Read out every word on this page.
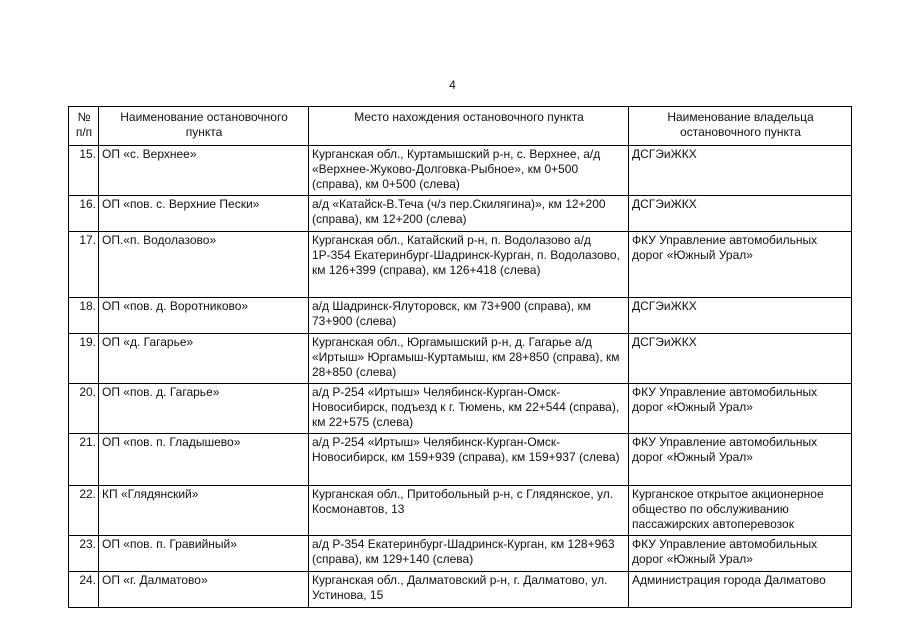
4
№ п/п	Наименование остановочного пункта	Место нахождения остановочного пункта	Наименование владельца остановочного пункта
15.	ОП «с. Верхнее»	Курганская обл., Куртамышский р-н, с. Верхнее, а/д «Верхнее-Жуково-Долговка-Рыбное», км 0+500 (справа), км 0+500 (слева)	ДСГЭиЖКХ
16.	ОП «пов. с. Верхние Пески»	а/д «Катайск-В.Теча (ч/з пер.Скилягина)», км 12+200 (справа), км 12+200 (слева)	ДСГЭиЖКХ
17.	ОП.«п. Водолазово»	Курганская обл., Катайский р-н, п. Водолазово а/д 1Р-354 Екатеринбург-Шадринск-Курган, п. Водолазово, км 126+399 (справа), км 126+418 (слева)	ФКУ Управление автомобильных дорог «Южный Урал»
18.	ОП «пов. д. Воротниково»	а/д Шадринск-Ялуторовск, км 73+900 (справа), км 73+900 (слева)	ДСГЭиЖКХ
19.	ОП «д. Гагарье»	Курганская обл., Юргамышский р-н, д. Гагарье а/д «Иртыш» Юргамыш-Куртамыш, км 28+850 (справа), км 28+850 (слева)	ДСГЭиЖКХ
20.	ОП «пов. д. Гагарье»	а/д Р-254 «Иртыш» Челябинск-Курган-Омск-Новосибирск, подъезд к г. Тюмень, км 22+544 (справа), км 22+575 (слева)	ФКУ Управление автомобильных дорог «Южный Урал»
21.	ОП «пов. п. Гладышево»	а/д Р-254 «Иртыш» Челябинск-Курган-Омск-Новосибирск, км 159+939 (справа), км 159+937 (слева)	ФКУ Управление автомобильных дорог «Южный Урал»
22.	КП «Глядянский»	Курганская обл., Притобольный р-н, с Глядянское, ул. Космонавтов, 13	Курганское открытое акционерное общество по обслуживанию пассажирских автоперевозок
23.	ОП «пов. п. Гравийный»	а/д Р-354 Екатеринбург-Шадринск-Курган, км 128+963 (справа), км 129+140 (слева)	ФКУ Управление автомобильных дорог «Южный Урал»
24.	ОП «г. Далматово»	Курганская обл., Далматовский р-н, г. Далматово, ул. Устинова, 15	Администрация города Далматово
